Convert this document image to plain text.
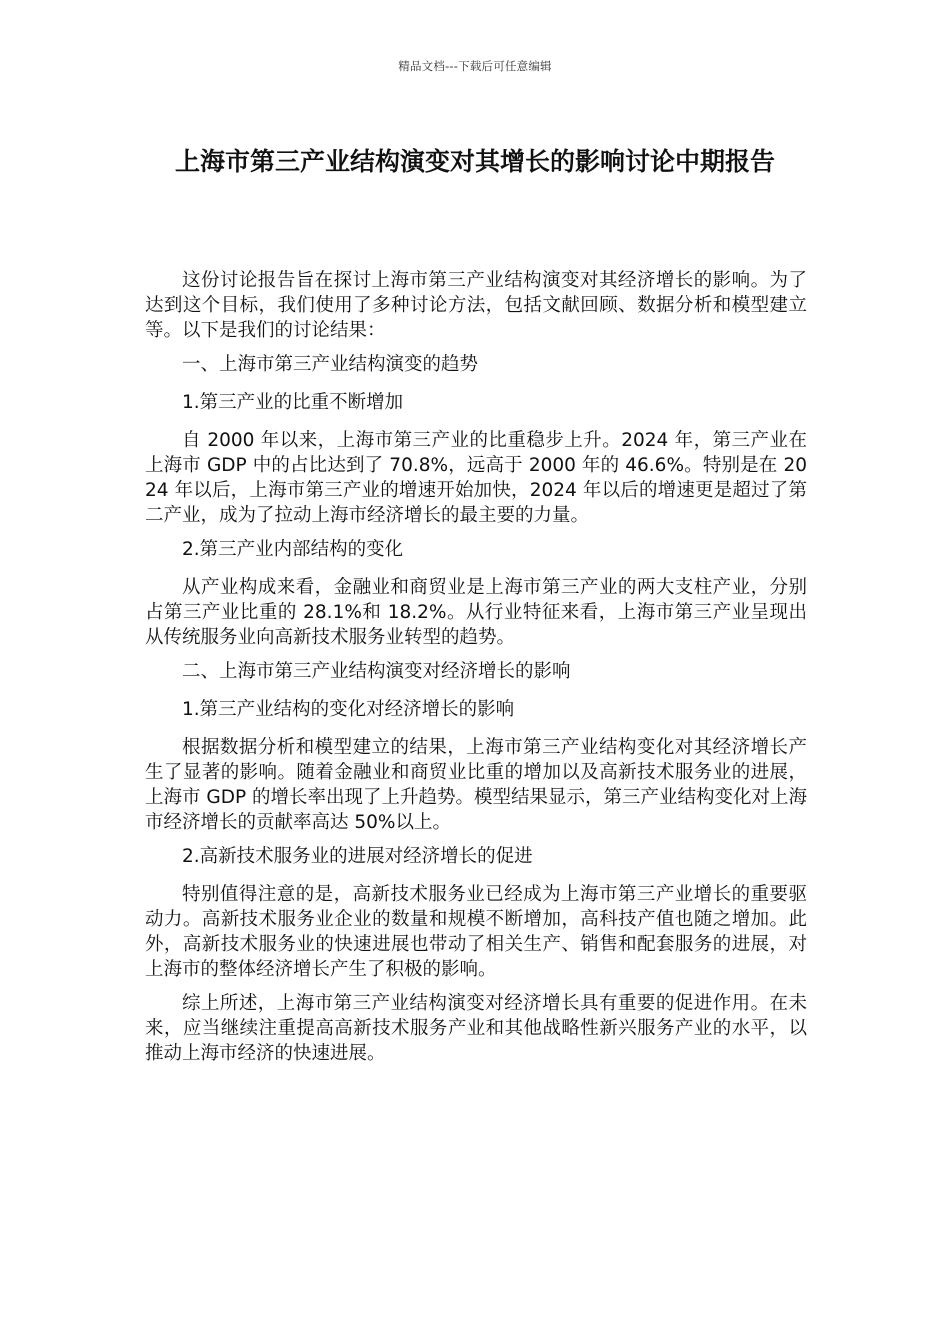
精品文档---下载后可任意编辑
上海市第三产业结构演变对其增长的影响讨论中期报告

这份讨论报告旨在探讨上海市第三产业结构演变对其经济增长的影响。为了达到这个目标，我们使用了多种讨论方法，包括文献回顾、数据分析和模型建立等。以下是我们的讨论结果：

一、上海市第三产业结构演变的趋势

1.第三产业的比重不断增加

自 2000 年以来，上海市第三产业的比重稳步上升。2024 年，第三产业在上海市 GDP 中的占比达到了 70.8%，远高于 2000 年的 46.6%。特别是在 2024 年以后，上海市第三产业的增速开始加快，2024 年以后的增速更是超过了第二产业，成为了拉动上海市经济增长的最主要的力量。

2.第三产业内部结构的变化

从产业构成来看，金融业和商贸业是上海市第三产业的两大支柱产业，分别占第三产业比重的 28.1%和 18.2%。从行业特征来看，上海市第三产业呈现出从传统服务业向高新技术服务业转型的趋势。

二、上海市第三产业结构演变对经济增长的影响

1.第三产业结构的变化对经济增长的影响

根据数据分析和模型建立的结果，上海市第三产业结构变化对其经济增长产生了显著的影响。随着金融业和商贸业比重的增加以及高新技术服务业的进展，上海市 GDP 的增长率出现了上升趋势。模型结果显示，第三产业结构变化对上海市经济增长的贡献率高达 50%以上。

2.高新技术服务业的进展对经济增长的促进

特别值得注意的是，高新技术服务业已经成为上海市第三产业增长的重要驱动力。高新技术服务业企业的数量和规模不断增加，高科技产值也随之增加。此外，高新技术服务业的快速进展也带动了相关生产、销售和配套服务的进展，对上海市的整体经济增长产生了积极的影响。

综上所述，上海市第三产业结构演变对经济增长具有重要的促进作用。在未来，应当继续注重提高高新技术服务产业和其他战略性新兴服务产业的水平，以推动上海市经济的快速进展。
